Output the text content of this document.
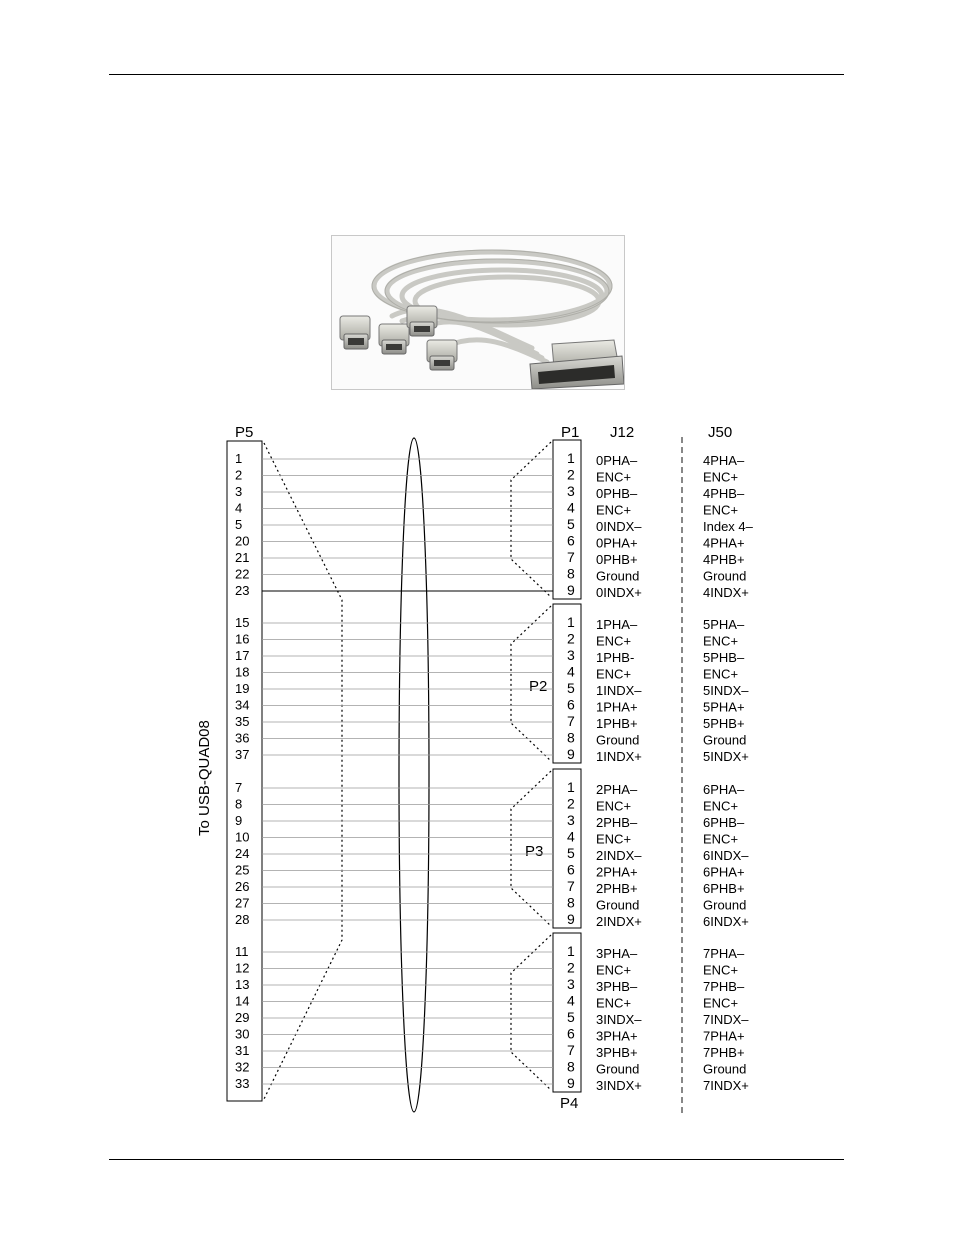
P5
To USB-QUAD08
J12	J50
P1
1	1 0PHA–	4PHA–
2	2 ENC+	ENC+
3	3 0PHB–	4PHB–
4	4 ENC+	ENC+
5	5 0INDX–	Index 4–
20	6 0PHA+	4PHA+
21	7 0PHB+	4PHB+
22	8 Ground	Ground
23	9 0INDX+	4INDX+
P2
15	1 1PHA–	5PHA–
16	2 ENC+	ENC+
17	3 1PHB-	5PHB–
18	4 ENC+	ENC+
19	5 1INDX–	5INDX–
34	6 1PHA+	5PHA+
35	7 1PHB+	5PHB+
36	8 Ground	Ground
37	9 1INDX+	5INDX+
P3
7	1 2PHA–	6PHA–
8	2 ENC+	ENC+
9	3 2PHB–	6PHB–
10	4 ENC+	ENC+
24	5 2INDX–	6INDX–
25	6 2PHA+	6PHA+
26	7 2PHB+	6PHB+
27	8 Ground	Ground
28	9 2INDX+	6INDX+
P4
11	1 3PHA–	7PHA–
12	2 ENC+	ENC+
13	3 3PHB–	7PHB–
14	4 ENC+	ENC+
29	5 3INDX–	7INDX–
30	6 3PHA+	7PHA+
31	7 3PHB+	7PHB+
32	8 Ground	Ground
33	9 3INDX+	7INDX+
